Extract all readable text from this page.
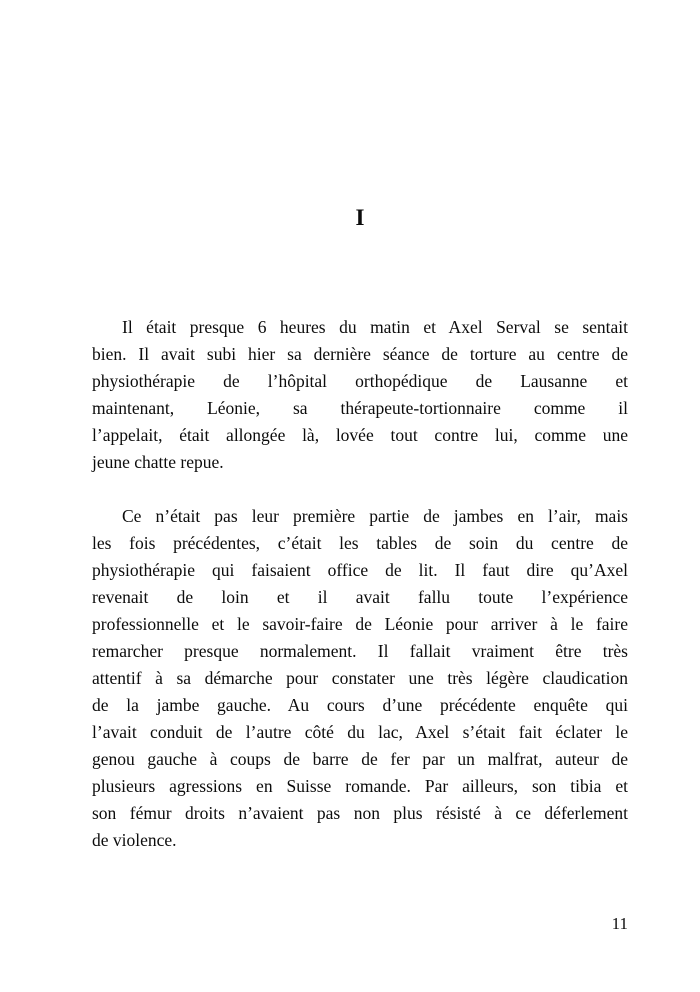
I
Il était presque 6 heures du matin et Axel Serval se sentait
bien. Il avait subi hier sa dernière séance de torture au centre de
physiothérapie de l’hôpital orthopédique de Lausanne et
maintenant, Léonie, sa thérapeute-tortionnaire comme il
l’appelait, était allongée là, lovée tout contre lui, comme une
jeune chatte repue.
Ce n’était pas leur première partie de jambes en l’air, mais
les fois précédentes, c’était les tables de soin du centre de
physiothérapie qui faisaient office de lit. Il faut dire qu’Axel
revenait de loin et il avait fallu toute l’expérience
professionnelle et le savoir-faire de Léonie pour arriver à le faire
remarcher presque normalement. Il fallait vraiment être très
attentif à sa démarche pour constater une très légère claudication
de la jambe gauche. Au cours d’une précédente enquête qui
l’avait conduit de l’autre côté du lac, Axel s’était fait éclater le
genou gauche à coups de barre de fer par un malfrat, auteur de
plusieurs agressions en Suisse romande. Par ailleurs, son tibia et
son fémur droits n’avaient pas non plus résisté à ce déferlement
de violence.
11
